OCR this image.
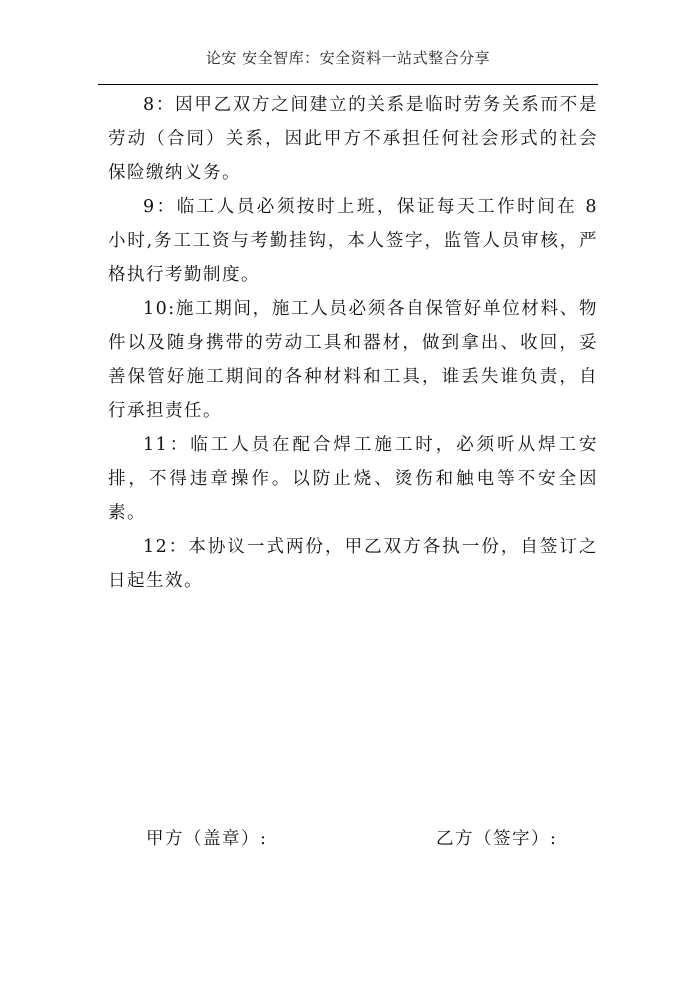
论安 安全智库：安全资料一站式整合分享

8：因甲乙双方之间建立的关系是临时劳务关系而不是劳动（合同）关系，因此甲方不承担任何社会形式的社会保险缴纳义务。

9：临工人员必须按时上班，保证每天工作时间在 8 小时,务工工资与考勤挂钩，本人签字，监管人员审核，严格执行考勤制度。

10:施工期间，施工人员必须各自保管好单位材料、物件以及随身携带的劳动工具和器材，做到拿出、收回，妥善保管好施工期间的各种材料和工具，谁丢失谁负责，自行承担责任。

11：临工人员在配合焊工施工时，必须听从焊工安排，不得违章操作。以防止烧、烫伤和触电等不安全因素。

12：本协议一式两份，甲乙双方各执一份，自签订之日起生效。

甲方（盖章）:	乙方（签字）:
